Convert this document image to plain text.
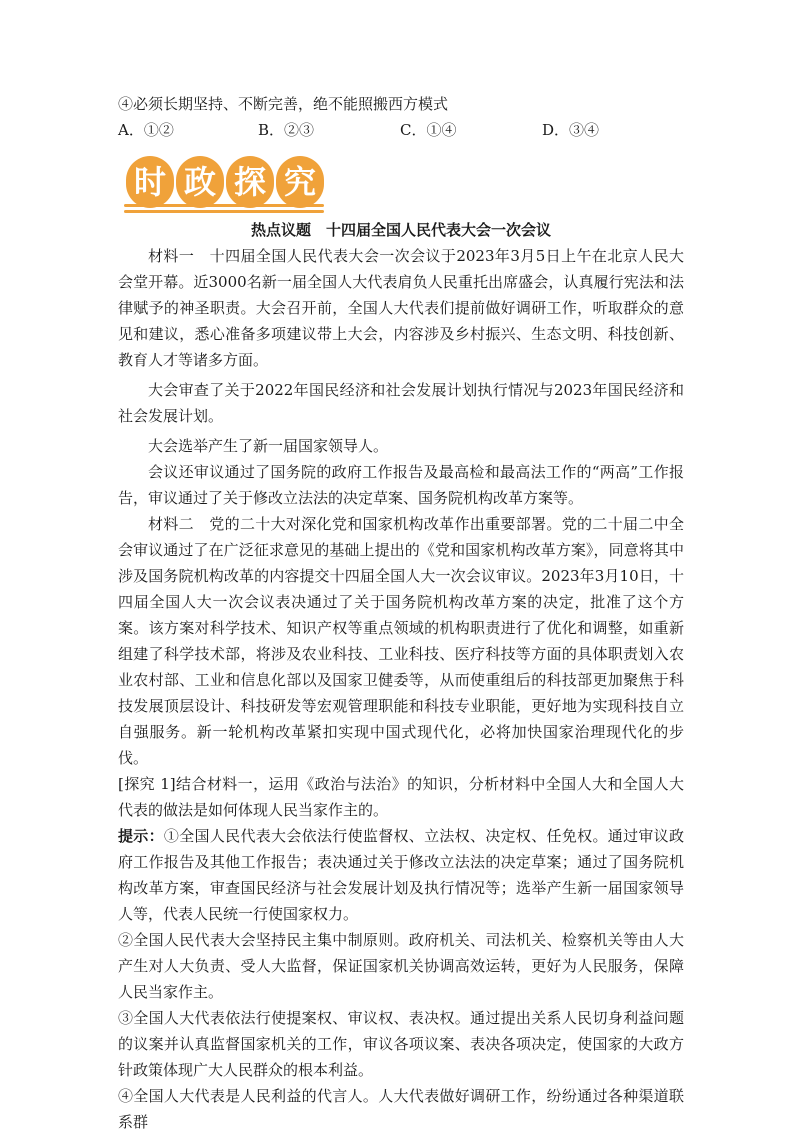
④必须长期坚持、不断完善，绝不能照搬西方模式
A．①②	B．②③	C．①④	D．③④
时 政 探 究
热点议题　十四届全国人民代表大会一次会议

材料一　十四届全国人民代表大会一次会议于2023年3月5日上午在北京人民大会堂开幕。近3000名新一届全国人大代表肩负人民重托出席盛会，认真履行宪法和法律赋予的神圣职责。大会召开前，全国人大代表们提前做好调研工作，听取群众的意见和建议，悉心准备多项建议带上大会，内容涉及乡村振兴、生态文明、科技创新、教育人才等诸多方面。

大会审查了关于2022年国民经济和社会发展计划执行情况与2023年国民经济和社会发展计划。

大会选举产生了新一届国家领导人。

会议还审议通过了国务院的政府工作报告及最高检和最高法工作的“两高”工作报告，审议通过了关于修改立法法的决定草案、国务院机构改革方案等。

材料二　党的二十大对深化党和国家机构改革作出重要部署。党的二十届二中全会审议通过了在广泛征求意见的基础上提出的《党和国家机构改革方案》，同意将其中涉及国务院机构改革的内容提交十四届全国人大一次会议审议。2023年3月10日，十四届全国人大一次会议表决通过了关于国务院机构改革方案的决定，批准了这个方案。该方案对科学技术、知识产权等重点领域的机构职责进行了优化和调整，如重新组建了科学技术部，将涉及农业科技、工业科技、医疗科技等方面的具体职责划入农业农村部、工业和信息化部以及国家卫健委等，从而使重组后的科技部更加聚焦于科技发展顶层设计、科技研发等宏观管理职能和科技专业职能，更好地为实现科技自立自强服务。新一轮机构改革紧扣实现中国式现代化，必将加快国家治理现代化的步伐。

[探究 1]结合材料一，运用《政治与法治》的知识，分析材料中全国人大和全国人大代表的做法是如何体现人民当家作主的。

提示：①全国人民代表大会依法行使监督权、立法权、决定权、任免权。通过审议政府工作报告及其他工作报告；表决通过关于修改立法法的决定草案；通过了国务院机构改革方案，审查国民经济与社会发展计划及执行情况等；选举产生新一届国家领导人等，代表人民统一行使国家权力。

②全国人民代表大会坚持民主集中制原则。政府机关、司法机关、检察机关等由人大产生对人大负责、受人大监督，保证国家机关协调高效运转，更好为人民服务，保障人民当家作主。

③全国人大代表依法行使提案权、审议权、表决权。通过提出关系人民切身利益问题的议案并认真监督国家机关的工作，审议各项议案、表决各项决定，使国家的大政方针政策体现广大人民群众的根本利益。

④全国人大代表是人民利益的代言人。人大代表做好调研工作，纷纷通过各种渠道联系群
